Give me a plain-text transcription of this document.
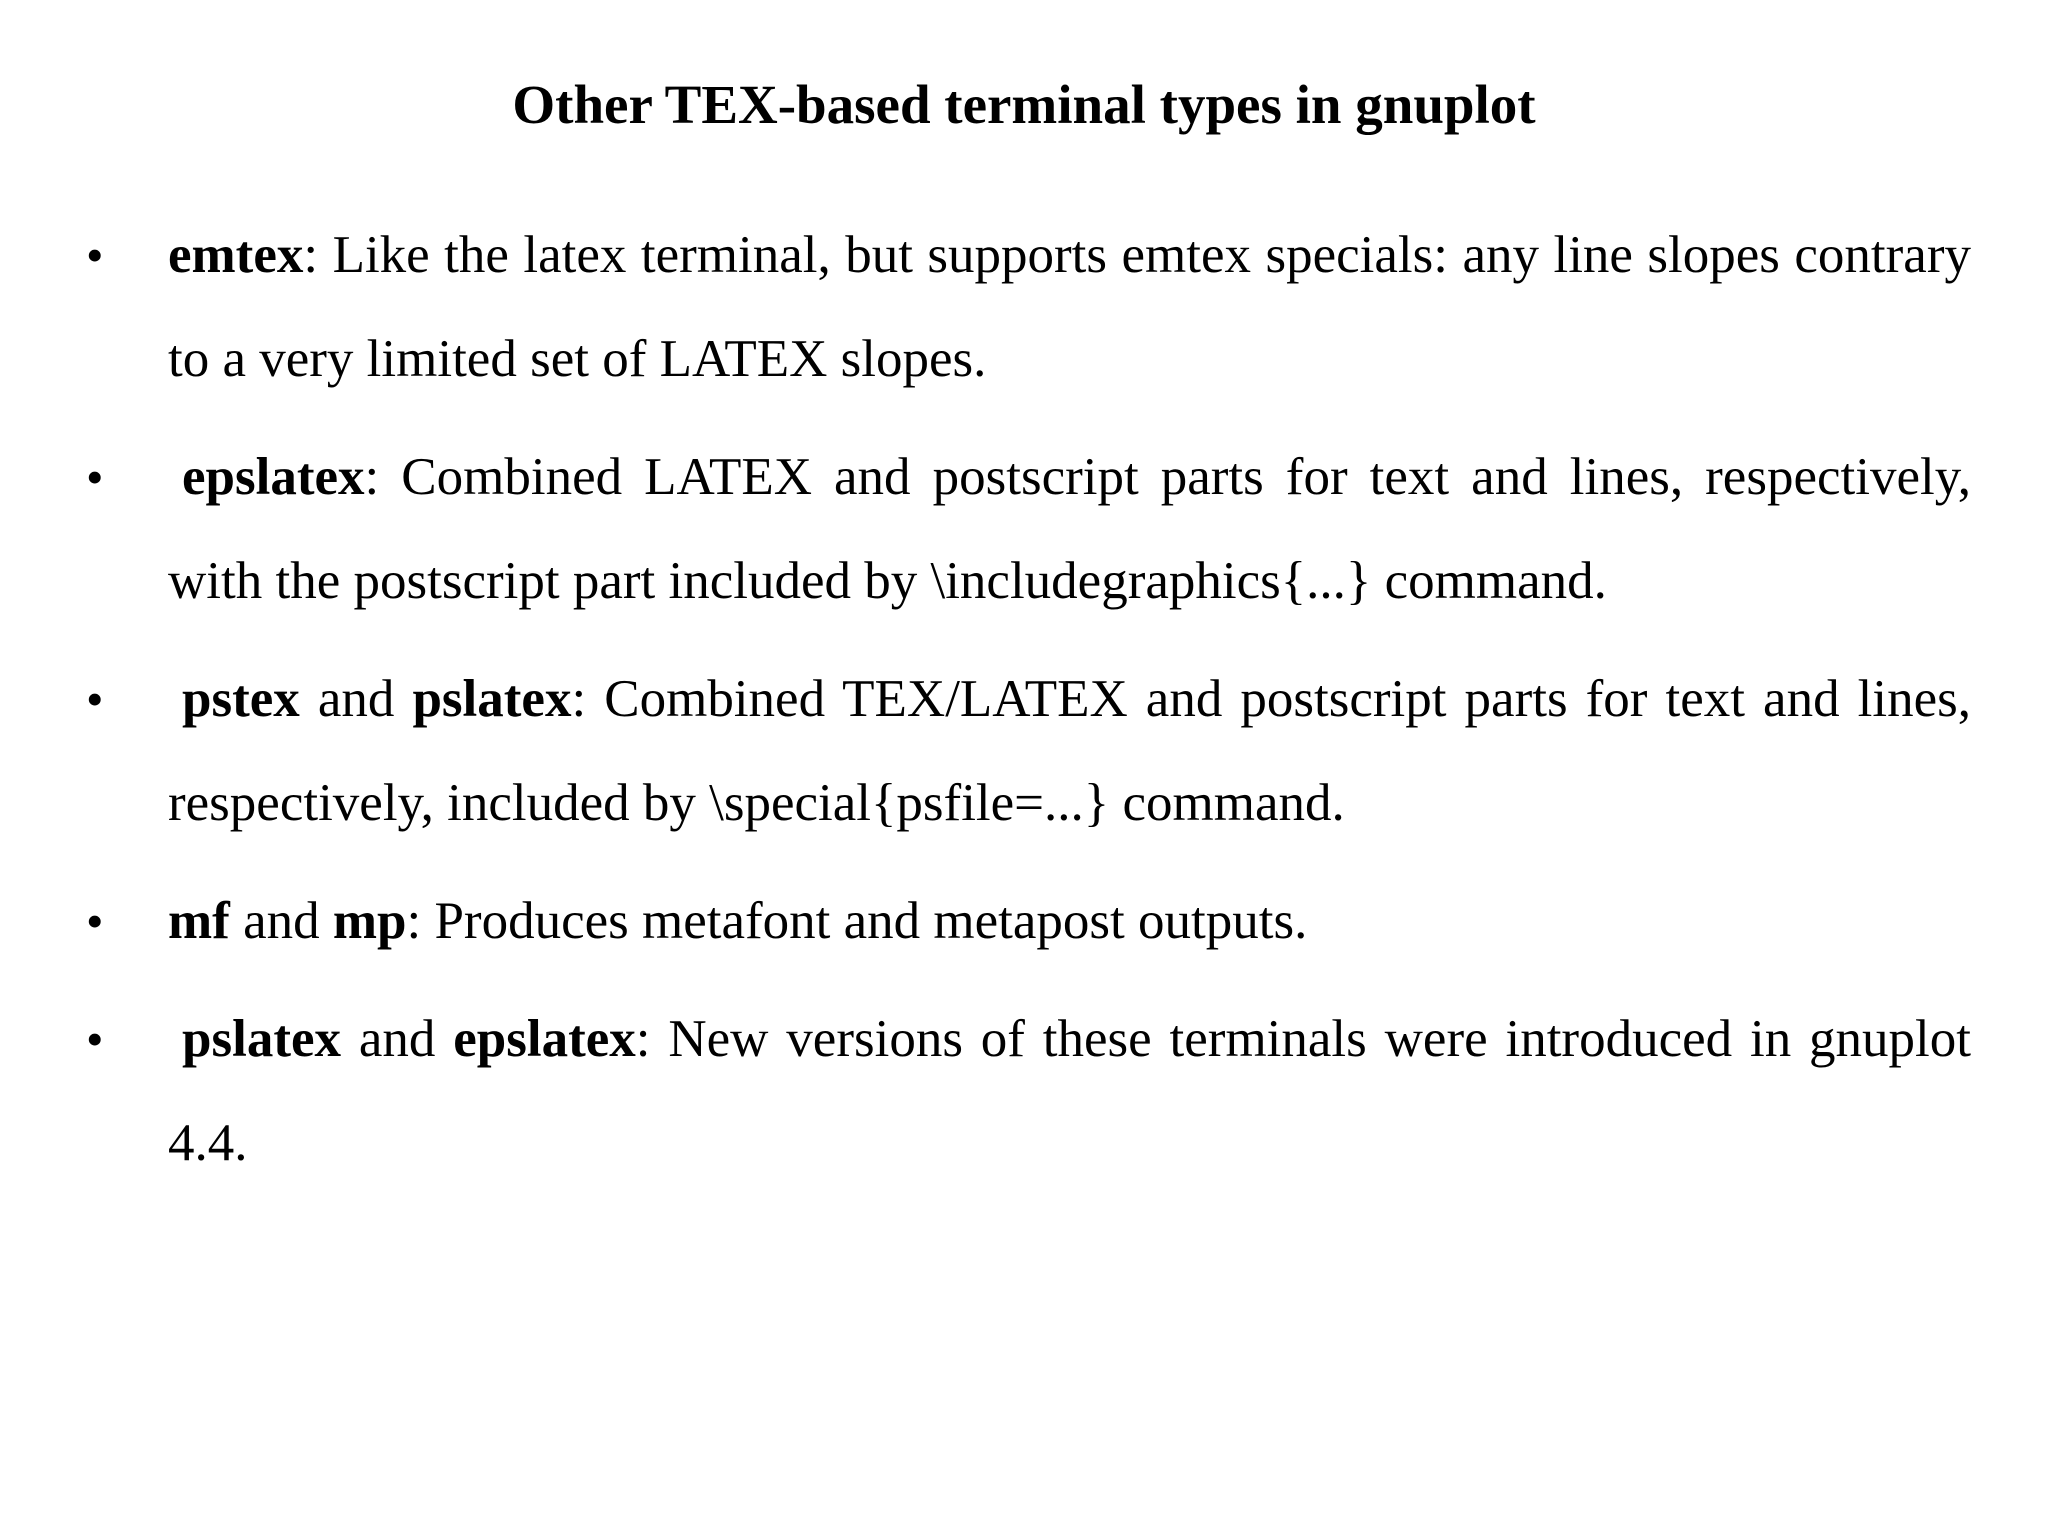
Other TEX-based terminal types in gnuplot
• emtex: Like the latex terminal, but supports emtex specials: any line slopes contrary to a very limited set of LATEX slopes.
• epslatex: Combined LATEX and postscript parts for text and lines, respectively, with the postscript part included by \includegraphics{...} command.
• pstex and pslatex: Combined TEX/LATEX and postscript parts for text and lines, respectively, included by \special{psfile=...} command.
• mf and mp: Produces metafont and metapost outputs.
• pslatex and epslatex: New versions of these terminals were introduced in gnuplot 4.4.
